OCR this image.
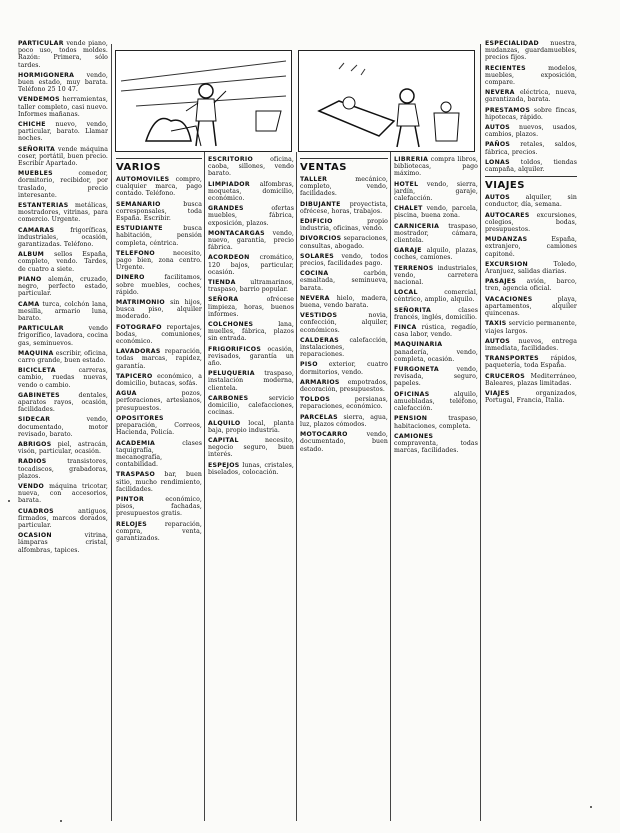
PARTICULAR vende piano, poco uso, todos moldes. Razón: Primera, sólo tardes.

HORMIGONERA vendo, buen estado, muy barata. Teléfono 25 10 47.

VENDEMOS herramientas, taller completo, casi nuevo. Informes mañanas.

CHICHE nuevo, vendo, particular, barato. Llamar noches.

SEÑORITA vende máquina coser, portátil, buen precio. Escribir Apartado.

MUEBLES	comedor, dormitorio, recibidor, por traslado, precio interesante.

ESTANTERIAS metálicas, mostradores, vitrinas, para comercio. Urgente.

CAMARAS	frigoríficas, industriales, ocasión, garantizadas. Teléfono.

ALBUM sellos España, completo, vendo. Tardes, de cuatro a siete.

PIANO alemán, cruzado, negro, perfecto estado, particular.

CAMA turca, colchón lana, mesilla, armario luna, barato.

PARTICULAR	vendo frigorífico, lavadora, cocina gas, seminuevos.

MAQUINA escribir, oficina, carro grande, buen estado.

BICICLETA	carreras, cambio, ruedas nuevas, vendo o cambio.

GABINETES	dentales, aparatos rayos, ocasión, facilidades.

SIDECAR	vendo, documentado, motor revisado, barato.

ABRIGOS piel, astracán, visón, particular, ocasión.

RADIOS	transistores, tocadiscos, grabadoras, plazos.

VENDO máquina tricotar, nueva, con accesorios, barata.

CUADROS	antiguos, firmados, marcos dorados, particular.

OCASION	vitrina, lámparas cristal, alfombras, tapices.

VARIOS

AUTOMOVILES compro, cualquier marca, pago contado. Teléfono.

SEMANARIO	busca corresponsales, toda España. Escribir.

ESTUDIANTE	busca habitación, pensión completa, céntrica.

TELEFONO	necesito, pago bien, zona centro. Urgente.

DINERO	facilitamos, sobre muebles, coches, rápido.

MATRIMONIO sin hijos, busca piso, alquiler moderado.

FOTOGRAFO reportajes, bodas, comuniones, económico.

LAVADORAS reparación, todas marcas, rapidez, garantía.

TAPICERO económico, a domicilio, butacas, sofás.

AGUA	pozos, perforaciones, artesianos, presupuestos.

OPOSITORES preparación, Correos, Hacienda, Policía.

ACADEMIA	clases taquigrafía, mecanografía, contabilidad.

TRASPASO bar, buen sitio, mucho rendimiento, facilidades.

PINTOR	económico, pisos, fachadas, presupuestos gratis.

RELOJES	reparación, compra, venta, garantizados.

ESCRITORIO	oficina, caoba, sillones, vendo barato.

LIMPIADOR alfombras, moquetas, domicilio, económico.

GRANDES	ofertas muebles, fábrica, exposición, plazos.

MONTACARGAS vendo, nuevo, garantía, precio fábrica.

ACORDEON cromático, 120 bajos, particular, ocasión.

TIENDA ultramarinos, traspaso, barrio popular.

SEÑORA	ofrécese limpieza, horas, buenos informes.

COLCHONES	lana, muelles, fábrica, plazos sin entrada.

FRIGORIFICOS ocasión, revisados, garantía un año.

PELUQUERIA traspaso, instalación moderna, clientela.

CARBONES	servicio domicilio, calefacciones, cocinas.

ALQUILO local, planta baja, propio industria.

CAPITAL	necesito, negocio seguro, buen interés.

ESPEJOS lunas, cristales, biselados, colocación.

VENTAS

TALLER	mecánico, completo, vendo, facilidades.

DIBUJANTE proyectista, ofrécese, horas, trabajos.

EDIFICIO	propio industria, oficinas, vendo.

DIVORCIOS separaciones, consultas, abogado.

SOLARES vendo, todos precios, facilidades pago.

COCINA	carbón, esmaltada, seminueva, barata.

NEVERA hielo, madera, buena, vendo barata.

VESTIDOS	novia, confección, alquiler, económicos.

CALDERAS calefacción, instalaciones, reparaciones.

PISO exterior, cuatro dormitorios, vendo.

ARMARIOS empotrados, decoración, presupuestos.

TOLDOS	persianas, reparaciones, económico.

PARCELAS sierra, agua, luz, plazos cómodos.

MOTOCARRO	vendo, documentado, buen estado.

LIBRERIA compra libros, bibliotecas, pago máximo.

HOTEL vendo, sierra, jardín, garaje, calefacción.

CHALET vendo, parcela, piscina, buena zona.

CARNICERIA traspaso, mostrador, cámara, clientela.

GARAJE alquilo, plazas, coches, camiones.

TERRENOS industriales, vendo, carretera nacional.

LOCAL	comercial, céntrico, amplio, alquilo.

SEÑORITA	clases francés, inglés, domicilio.

FINCA rústica, regadío, casa labor, vendo.

MAQUINARIA panadería, vendo, completa, ocasión.

FURGONETA	vendo, revisada, seguro, papeles.

OFICINAS	alquilo, amuebladas, teléfono, calefacción.

PENSION	traspaso, habitaciones, completa.

CAMIONES compraventa, todas marcas, facilidades.

ESPECIALIDAD nuestra, mudanzas, guardamuebles, precios fijos.

RECIENTES	modelos, muebles, exposición, compare.

NEVERA eléctrica, nueva, garantizada, barata.

PRESTAMOS sobre fincas, hipotecas, rápido.

AUTOS nuevos, usados, cambios, plazos.

PAÑOS retales, saldos, fábrica, precios.

LONAS toldos, tiendas campaña, alquiler.

VIAJES

AUTOS	alquiler, sin conductor, día, semana.

AUTOCARES excursiones, colegios, bodas, presupuestos.

MUDANZAS	España, extranjero, camiones capitoné.

EXCURSION	Toledo, Aranjuez, salidas diarias.

PASAJES avión, barco, tren, agencia oficial.

VACACIONES	playa, apartamentos, alquiler quincenas.

TAXIS servicio permanente, viajes largos.

AUTOS nuevos, entrega inmediata, facilidades.

TRANSPORTES rápidos, paquetería, toda España.

CRUCEROS Mediterráneo, Baleares, plazas limitadas.

VIAJES	organizados, Portugal, Francia, Italia.
